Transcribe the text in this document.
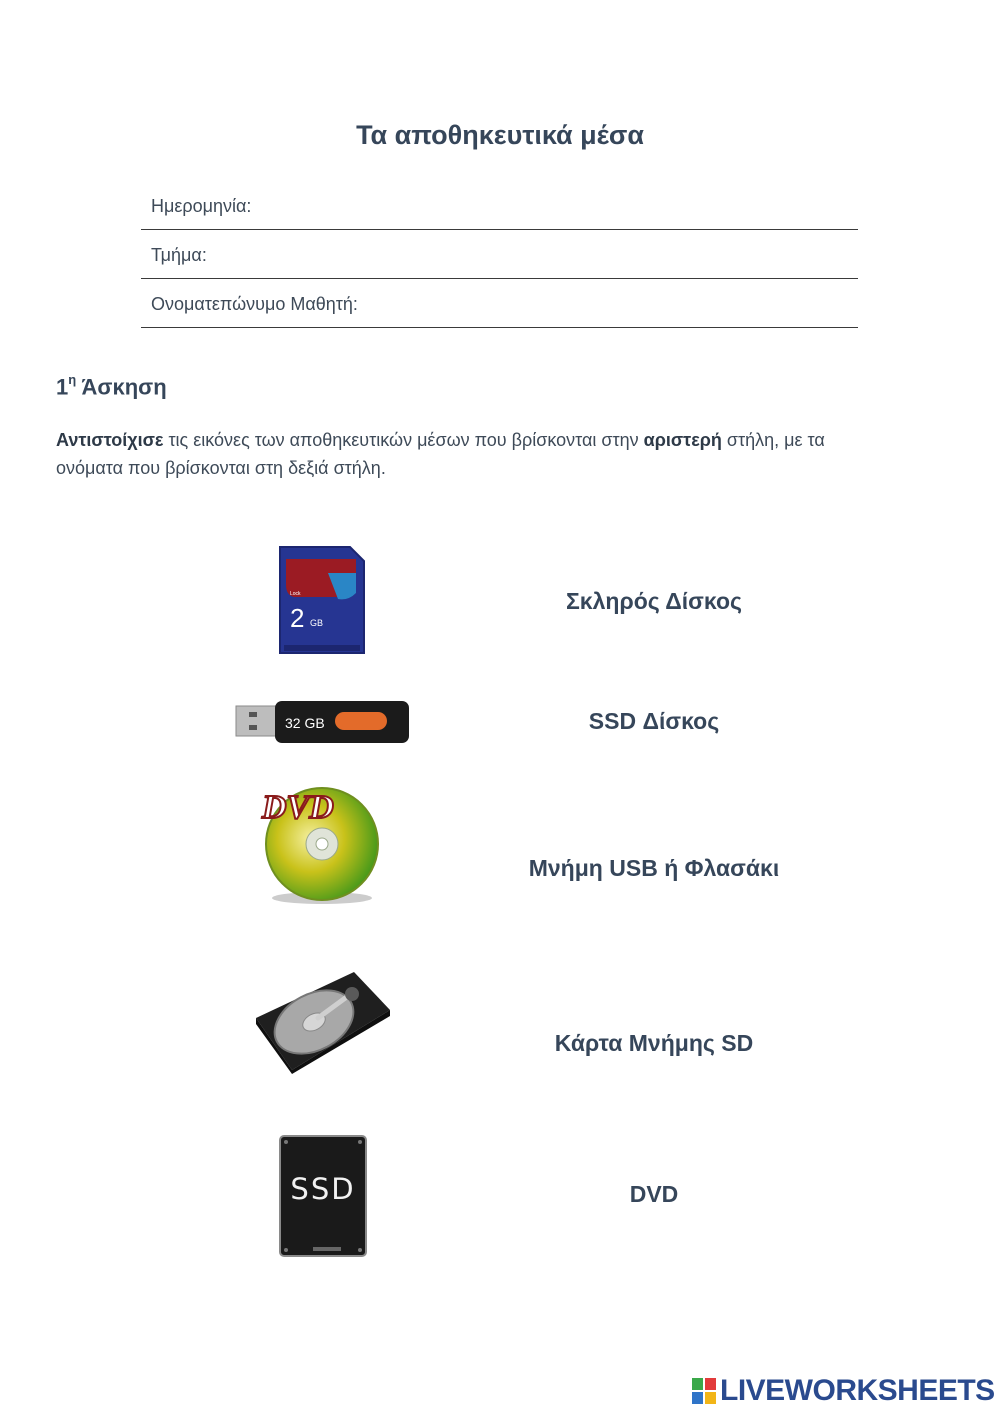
Τα αποθηκευτικά μέσα
Ημερομηνία:
Τμήμα:
Ονοματεπώνυμο Μαθητή:
$1^\eta$ Άσκηση
Αντιστοίχισε τις εικόνες των αποθηκευτικών μέσων που βρίσκονται στην αριστερή στήλη, με τα ονόματα που βρίσκονται στη δεξιά στήλη.
Lock
2 GB
32 GB
DVD
SSD
Σκληρός Δίσκος
SSD Δίσκος
Μνήμη USB ή Φλασάκι
Κάρτα Μνήμης SD
DVD
LIVEWORKSHEETS
